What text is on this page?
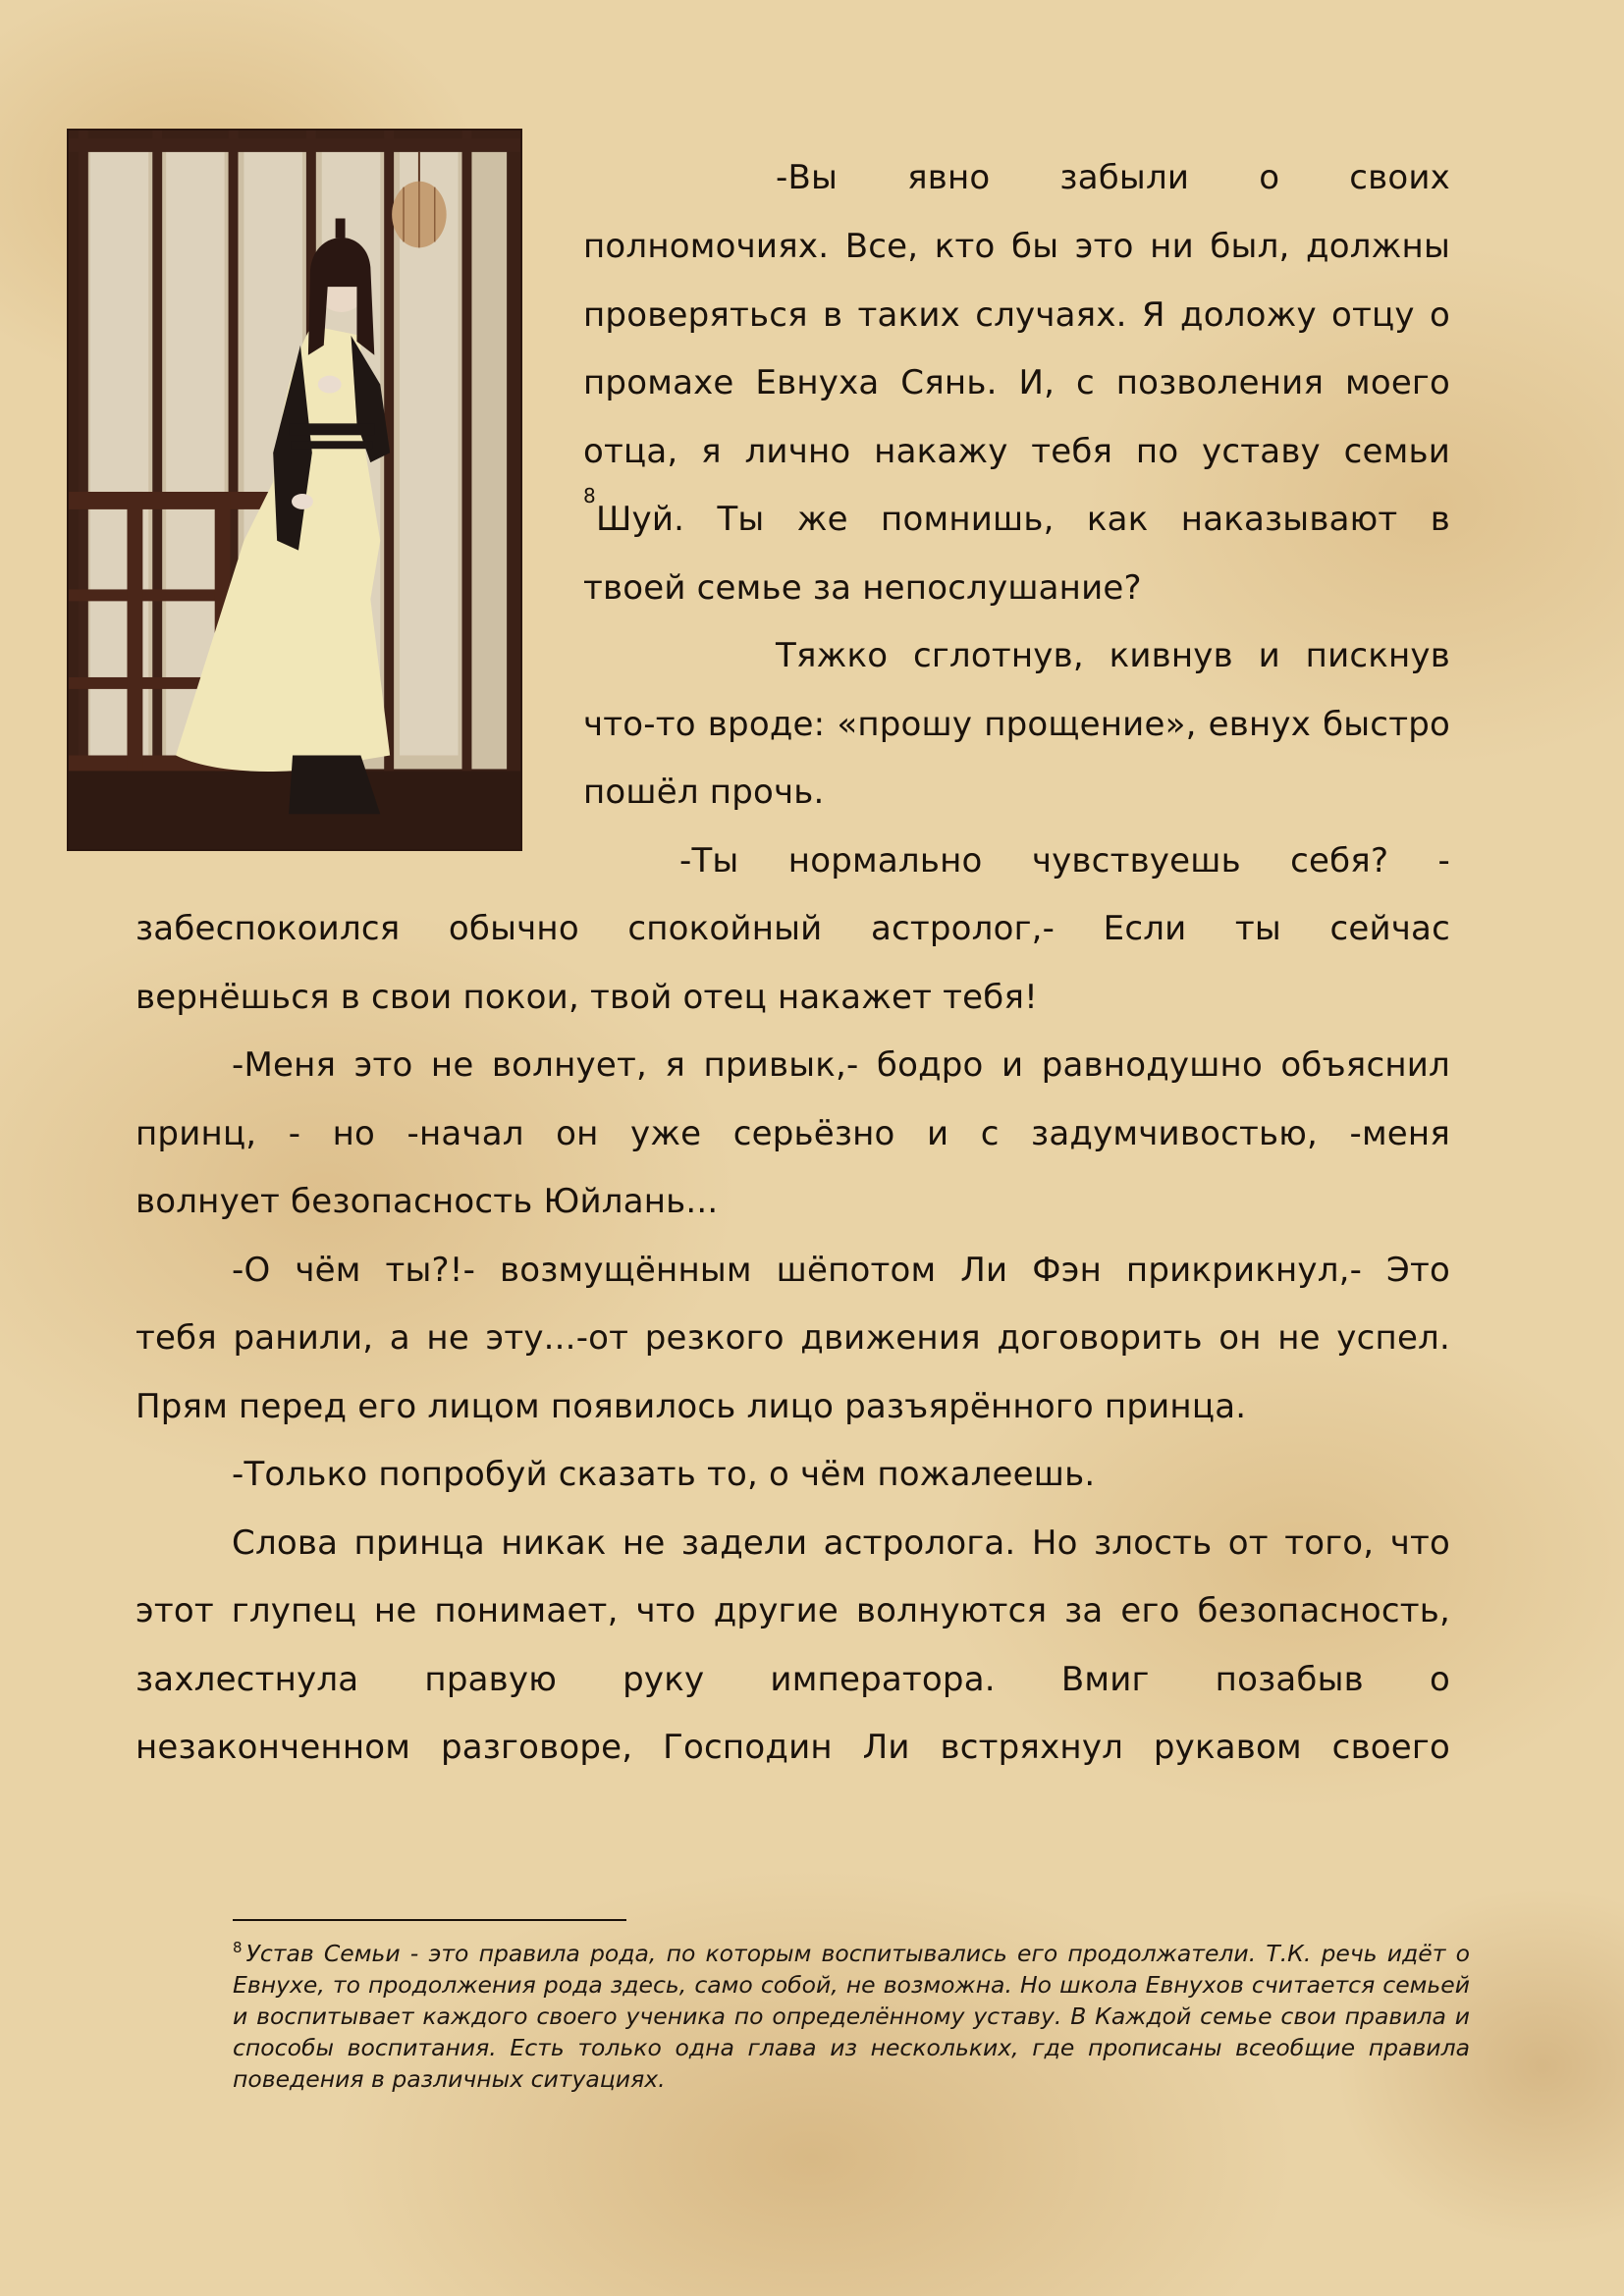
-Вы явно забыли о своих
полномочиях. Все, кто бы это ни был, должны
проверяться в таких случаях. Я доложу отцу о
промахе Евнуха Сянь. И, с позволения моего
отца, я лично накажу тебя по уставу семьи
8
Шуй. Ты же помнишь, как наказывают в
твоей семье за непослушание?
Тяжко сглотнув, кивнув и пискнув
что-то вроде: «прошу прощение», евнух быстро
пошёл прочь.
-Ты нормально чувствуешь себя? -
забеспокоился обычно спокойный астролог,- Если ты сейчас
вернёшься в свои покои, твой отец накажет тебя!
-Меня это не волнует, я привык,- бодро и равнодушно объяснил
принц, - но -начал он уже серьёзно и с задумчивостью, -меня
волнует безопасность Юйлань...
-О чём ты?!- возмущённым шёпотом Ли Фэн прикрикнул,- Это
тебя ранили, а не эту...-от резкого движения договорить он не успел.
Прям перед его лицом появилось лицо разъярённого принца.
-Только попробуй сказать то, о чём пожалеешь.
Слова принца никак не задели астролога. Но злость от того, что
этот глупец не понимает, что другие волнуются за его безопасность,
захлестнула правую руку императора. Вмиг позабыв о
незаконченном разговоре, Господин Ли встряхнул рукавом своего
$^8$ Устав Семьи - это правила рода, по которым воспитывались его продолжатели. Т.К. речь идёт о Евнухе, то продолжения рода здесь, само собой, не возможна. Но школа Евнухов считается семьей и воспитывает каждого своего ученика по определённому уставу. В Каждой семье свои правила и способы воспитания. Есть только одна глава из нескольких, где прописаны всеобщие правила поведения в различных ситуациях.
